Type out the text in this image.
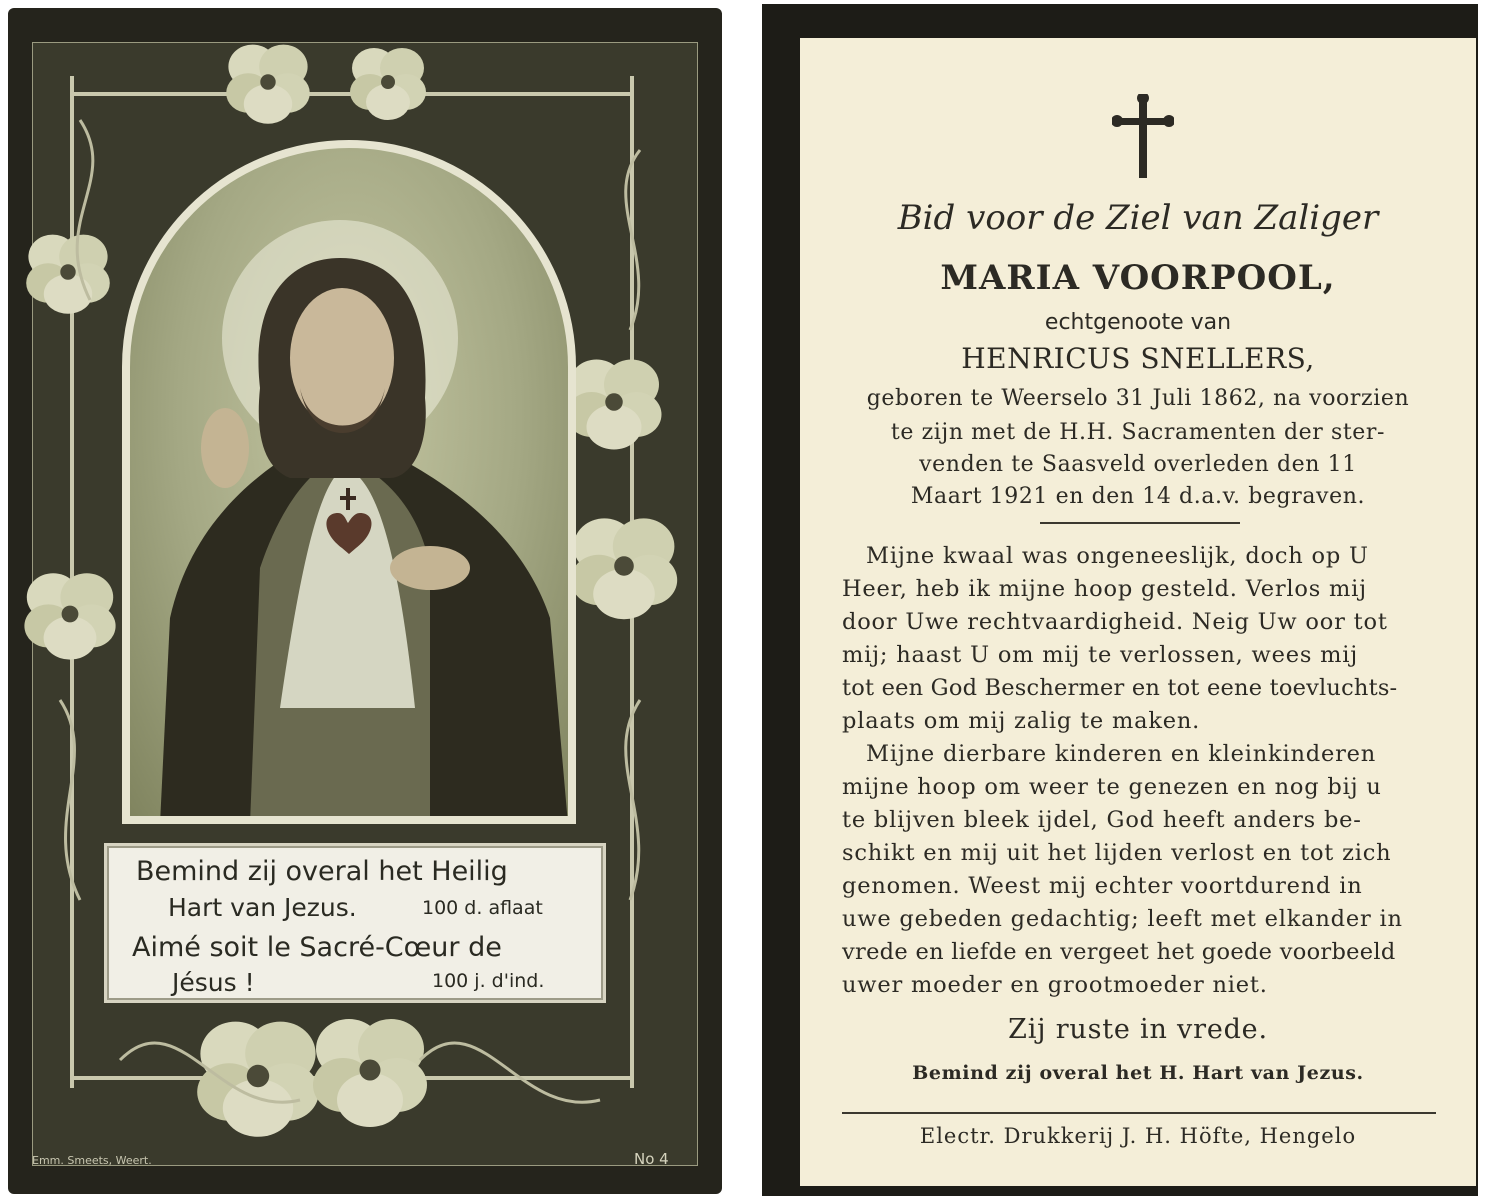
Bemind zij overal het Heilig
Hart van Jezus.	100 d. aflaat
Aimé soit le Sacré-Cœur de
Jésus !	100 j. d'ind.
Emm. Smeets, Weert.	No 4
Bid voor de Ziel van Zaliger
MARIA VOORPOOL,
echtgenoote van
HENRICUS SNELLERS,
geboren te Weerselo 31 Juli 1862, na voorzien
te zijn met de H.H. Sacramenten der ster-
venden te Saasveld overleden den 11
Maart 1921 en den 14 d.a.v. begraven.
Mijne kwaal was ongeneeslijk, doch op U
Heer, heb ik mijne hoop gesteld. Verlos mij
door Uwe rechtvaardigheid. Neig Uw oor tot
mij; haast U om mij te verlossen, wees mij
tot een God Beschermer en tot eene toevluchts-
plaats om mij zalig te maken.
Mijne dierbare kinderen en kleinkinderen
mijne hoop om weer te genezen en nog bij u
te blijven bleek ijdel, God heeft anders be-
schikt en mij uit het lijden verlost en tot zich
genomen. Weest mij echter voortdurend in
uwe gebeden gedachtig; leeft met elkander in
vrede en liefde en vergeet het goede voorbeeld
uwer moeder en grootmoeder niet.
Zij ruste in vrede.
Bemind zij overal het H. Hart van Jezus.
Electr. Drukkerij J. H. Höfte, Hengelo
